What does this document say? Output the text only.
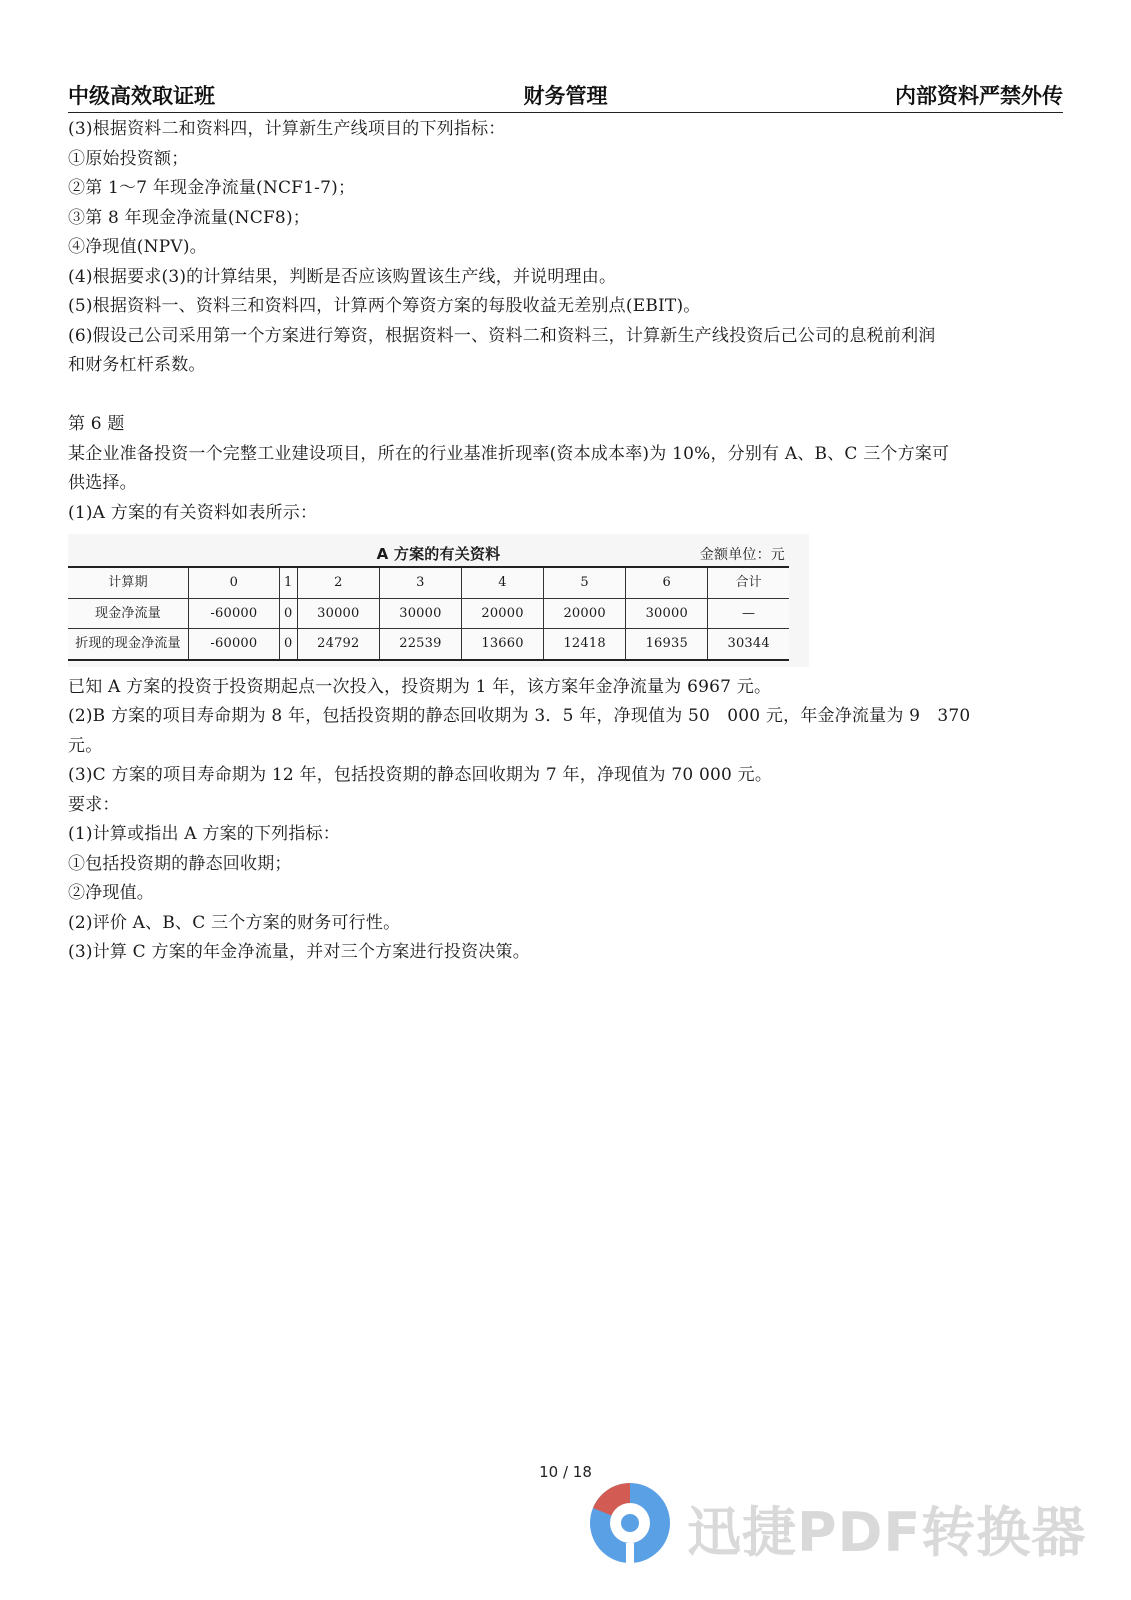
中级高效取证班	财务管理	内部资料严禁外传

(3)根据资料二和资料四，计算新生产线项目的下列指标：

①原始投资额；

②第 1～7 年现金净流量(NCF1-7)；

③第 8 年现金净流量(NCF8)；

④净现值(NPV)。

(4)根据要求(3)的计算结果，判断是否应该购置该生产线，并说明理由。

(5)根据资料一、资料三和资料四，计算两个筹资方案的每股收益无差别点(EBIT)。

(6)假设己公司采用第一个方案进行筹资，根据资料一、资料二和资料三，计算新生产线投资后己公司的息税前利润

和财务杠杆系数。

第 6 题

某企业准备投资一个完整工业建设项目，所在的行业基准折现率(资本成本率)为 10%，分别有 A、B、C 三个方案可

供选择。

(1)A 方案的有关资料如表所示：

A 方案的有关资料	金额单位：元
计算期	0	1	2	3	4	5	6	合计
现金净流量	-60000	0	30000	30000	20000	20000	30000	—
折现的现金净流量	-60000	0	24792	22539	13660	12418	16935	30344

已知 A 方案的投资于投资期起点一次投入，投资期为 1 年，该方案年金净流量为 6967 元。

(2)B 方案的项目寿命期为 8 年，包括投资期的静态回收期为 3．5 年，净现值为 50　000 元，年金净流量为 9　370

元。

(3)C 方案的项目寿命期为 12 年，包括投资期的静态回收期为 7 年，净现值为 70 000 元。

要求：

(1)计算或指出 A 方案的下列指标：

①包括投资期的静态回收期；

②净现值。

(2)评价 A、B、C 三个方案的财务可行性。

(3)计算 C 方案的年金净流量，并对三个方案进行投资决策。

10 / 18
迅捷PDF转换器
